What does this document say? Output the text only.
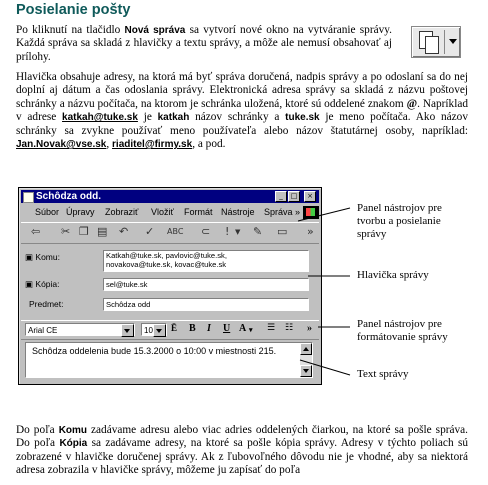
Posielanie pošty
Po kliknutí na tlačidlo Nová správa sa vytvorí nové okno na vytváranie správy. Každá správa sa skladá z hlavičky a textu správy, a môže ale nemusí obsahovať aj prílohy.
Hlavička obsahuje adresy, na ktorá má byť správa doručená, nadpis správy a po odoslaní sa do nej doplní aj dátum a čas odoslania správy. Elektronická adresa správy sa skladá z názvu poštovej schránky a názvu počítača, na ktorom je schránka uložená, ktoré sú oddelené znakom @. Napríklad v adrese katkah@tuke.sk je katkah názov schránky a tuke.sk je meno počítača. Ako názov schránky sa zvykne používať meno používateľa alebo názov štatutárnej osoby, napríklad: Jan.Novak@vse.sk, riaditel@firmy.sk, a pod.
Schôdza odd.	_	□	×
Súbor Úpravy Zobraziť Vložiť Formát Nástroje Správa »
⇦ ✂ ❐ ▤ ↶ ✓ ABC ⊂ ! ▼ ✎ ▭ »
▣ Komu:	Katkah@tuke.sk, pavlovic@tuke.sk,
novakova@tuke.sk, kovac@tuke.sk
▣ Kópia:	sel@tuke.sk
Predmet:	Schôdza odd
Arial CE	10	Ē B I U A ▾ ☰ ☷ »
Schôdza oddelenia bude 15.3.2000 o 10:00 v miestnosti 215.
Panel nástrojov pre tvorbu a posielanie správy
Hlavička správy
Panel nástrojov pre formátovanie správy
Text správy
Do poľa Komu zadávame adresu alebo viac adries oddelených čiarkou, na ktoré sa pošle správa. Do poľa Kópia sa zadávame adresy, na ktoré sa pošle kópia správy. Adresy v týchto poliach sú zobrazené v hlavičke doručenej správy. Ak z ľubovoľného dôvodu nie je vhodné, aby sa niektorá adresa zobrazila v hlavičke správy, môžeme ju zapísať do poľa
